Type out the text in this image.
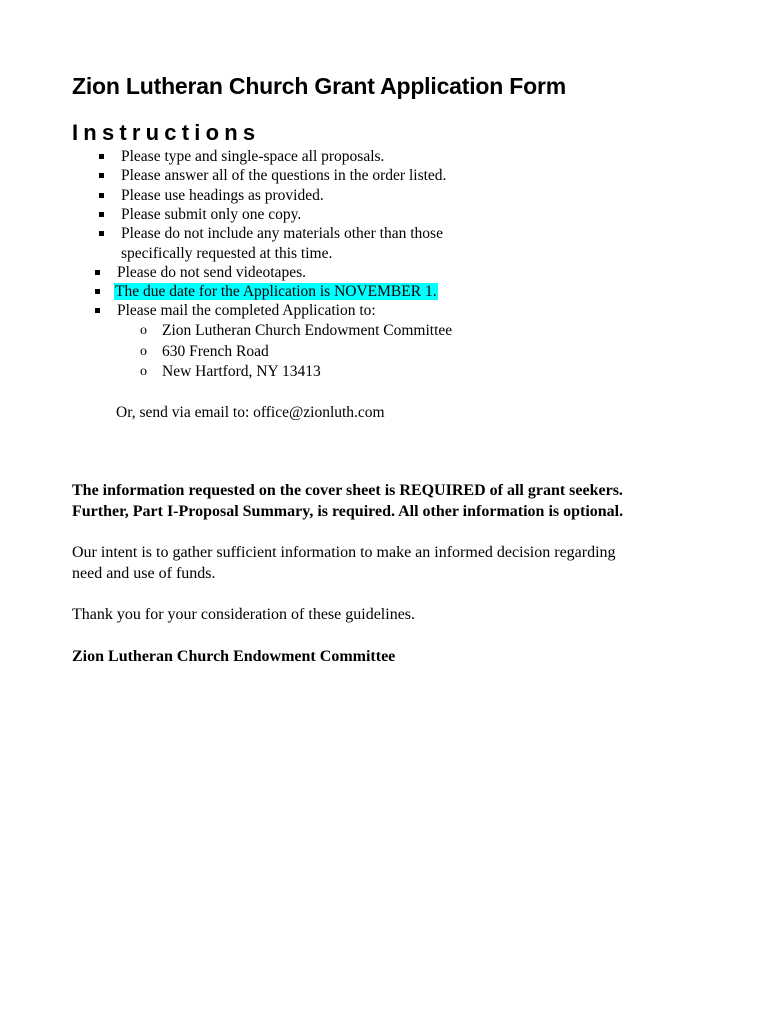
Zion Lutheran Church Grant Application Form
Instructions
Please type and single-space all proposals.
Please answer all of the questions in the order listed.
Please use headings as provided.
Please submit only one copy.
Please do not include any materials other than those
specifically requested at this time.
Please do not send videotapes.
The due date for the Application is NOVEMBER 1.
Please mail the completed Application to:
o Zion Lutheran Church Endowment Committee
o 630 French Road
o New Hartford, NY 13413
Or, send via email to: office@zionluth.com
The information requested on the cover sheet is REQUIRED of all grant seekers.
Further, Part I-Proposal Summary, is required. All other information is optional.
Our intent is to gather sufficient information to make an informed decision regarding
need and use of funds.
Thank you for your consideration of these guidelines.
Zion Lutheran Church Endowment Committee
